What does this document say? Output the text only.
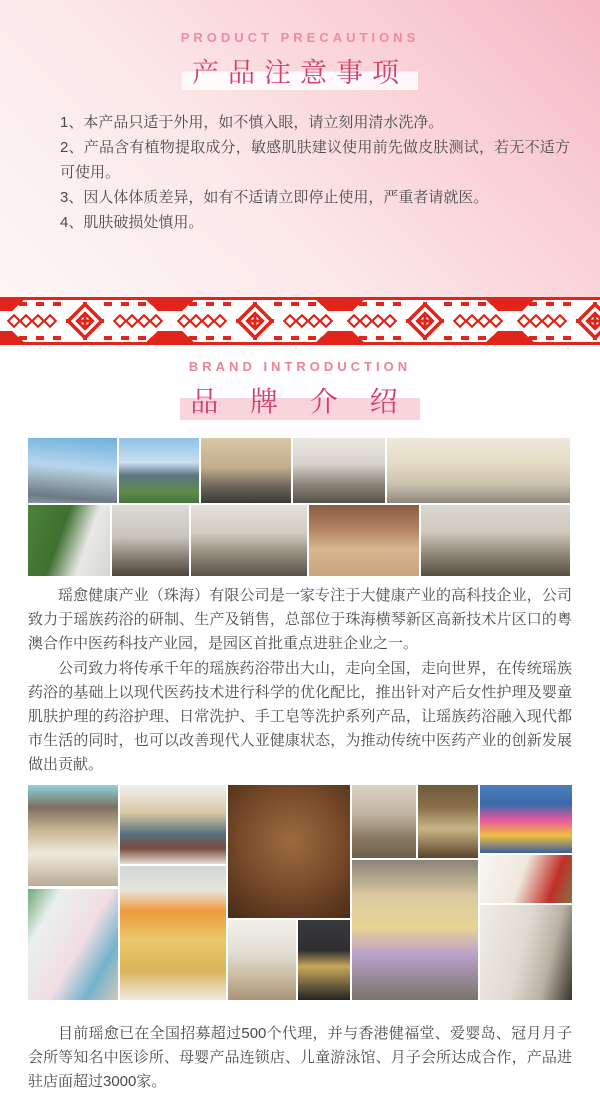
PRODUCT PRECAUTIONS
产品注意事项
1、本产品只适于外用，如不慎入眼，请立刻用清水洗净。
2、产品含有植物提取成分，敏感肌肤建议使用前先做皮肤测试，若无不适方可使用。
3、因人体体质差异，如有不适请立即停止使用，严重者请就医。
4、肌肤破损处慎用。
BRAND INTRODUCTION
品 牌 介 绍

瑶愈健康产业（珠海）有限公司是一家专注于大健康产业的高科技企业，公司致力于瑶族药浴的研制、生产及销售，总部位于珠海横琴新区高新技术片区口的粤澳合作中医药科技产业园，是园区首批重点进驻企业之一。

公司致力将传承千年的瑶族药浴带出大山，走向全国，走向世界，在传统瑶族药浴的基础上以现代医药技术进行科学的优化配比，推出针对产后女性护理及婴童肌肤护理的药浴护理、日常洗护、手工皂等洗护系列产品，让瑶族药浴融入现代都市生活的同时，也可以改善现代人亚健康状态，为推动传统中医药产业的创新发展做出贡献。

目前瑶愈已在全国招募超过500个代理，并与香港健福堂、爱婴岛、冠月月子会所等知名中医诊所、母婴产品连锁店、儿童游泳馆、月子会所达成合作，产品进驻店面超过3000家。
